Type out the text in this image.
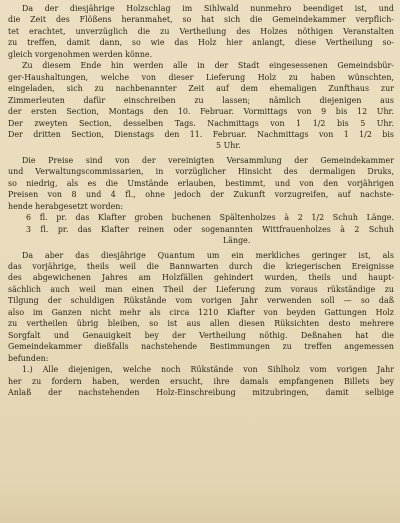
Da der diesjährige Holzschlag im Sihlwald nunmehro beendiget ist, und
die Zeit des Flößens heranmahet, so hat sich die Gemeindekammer verpflich-
tet erachtet, unverzüglich die zu Vertheilung des Holzes nöthigen Veranstalten
zu treffen, damit dann, so wie das Holz hier anlangt, diese Vertheilung so-
gleich vorgenohmen werden könne.
Zu diesem Ende hin werden alle in der Stadt eingesessenen Gemeindsbür-
ger-Haushaltungen, welche von dieser Lieferung Holz zu haben wünschten,
eingeladen, sich zu nachbenannter Zeit auf dem ehemaligen Zunfthaus zur
Zimmerleuten dafür einschreiben zu lassen; nämlich diejenigen aus
der ersten Section, Montags den 10. Februar. Vormittags von 9 bis 12 Uhr.
Der zweyten Section, desselben Tags. Nachmittags von 1 1/2 bis 5 Uhr.
Der dritten Section, Dienstags den 11. Februar. Nachmittags von 1 1/2 bis
5 Uhr.
Die Preise sind von der vereinigten Versammlung der Gemeindekammer
und Verwaltungscommissarien, in vorzüglicher Hinsicht des dermaligen Druks,
so niedrig, als es die Umstände erlauben, bestimmt, und von den vorjährigen
Preisen von 8 und 4 fl., ohne jedoch der Zukunft vorzugreifen, auf nachste-
hende herabgesetzt worden:
6 fl. pr. das Klafter groben buchenen Spältenholzes à 2 1/2 Schuh Länge.
3 fl. pr. das Klafter reinen oder sogenannten Wittfrauenholzes à 2 Schuh
Länge.
Da aber das diesjährige Quantum um ein merkliches geringer ist, als
das vorjährige, theils weil die Bannwarten durch die kriegerischen Ereignisse
des abgewichenen Jahres am Holzfällen gehindert wurden, theils und haupt-
sächlich auch weil man einen Theil der Lieferung zum voraus rükständige zu
Tilgung der schuldigen Rükstände vom vorigen Jahr verwenden soll — so daß
also im Ganzen nicht mehr als circa 1210 Klafter von beyden Gattungen Holz
zu vertheilen übrig bleiben, so ist aus allen diesen Rüksichten desto mehrere
Sorgfalt und Genauigkeit bey der Vertheilung nöthig. Deßnahen hat die
Gemeindekammer dießfalls nachstehende Bestimmungen zu treffen angemessen
befunden:
1.) Alle diejenigen, welche noch Rükstände von Sihlholz vom vorigen Jahr
her zu fordern haben, werden ersucht, ihre damals empfangenen Billets bey
Anlaß der nachstehenden Holz-Einschreibung mitzubringen, damit selbige
